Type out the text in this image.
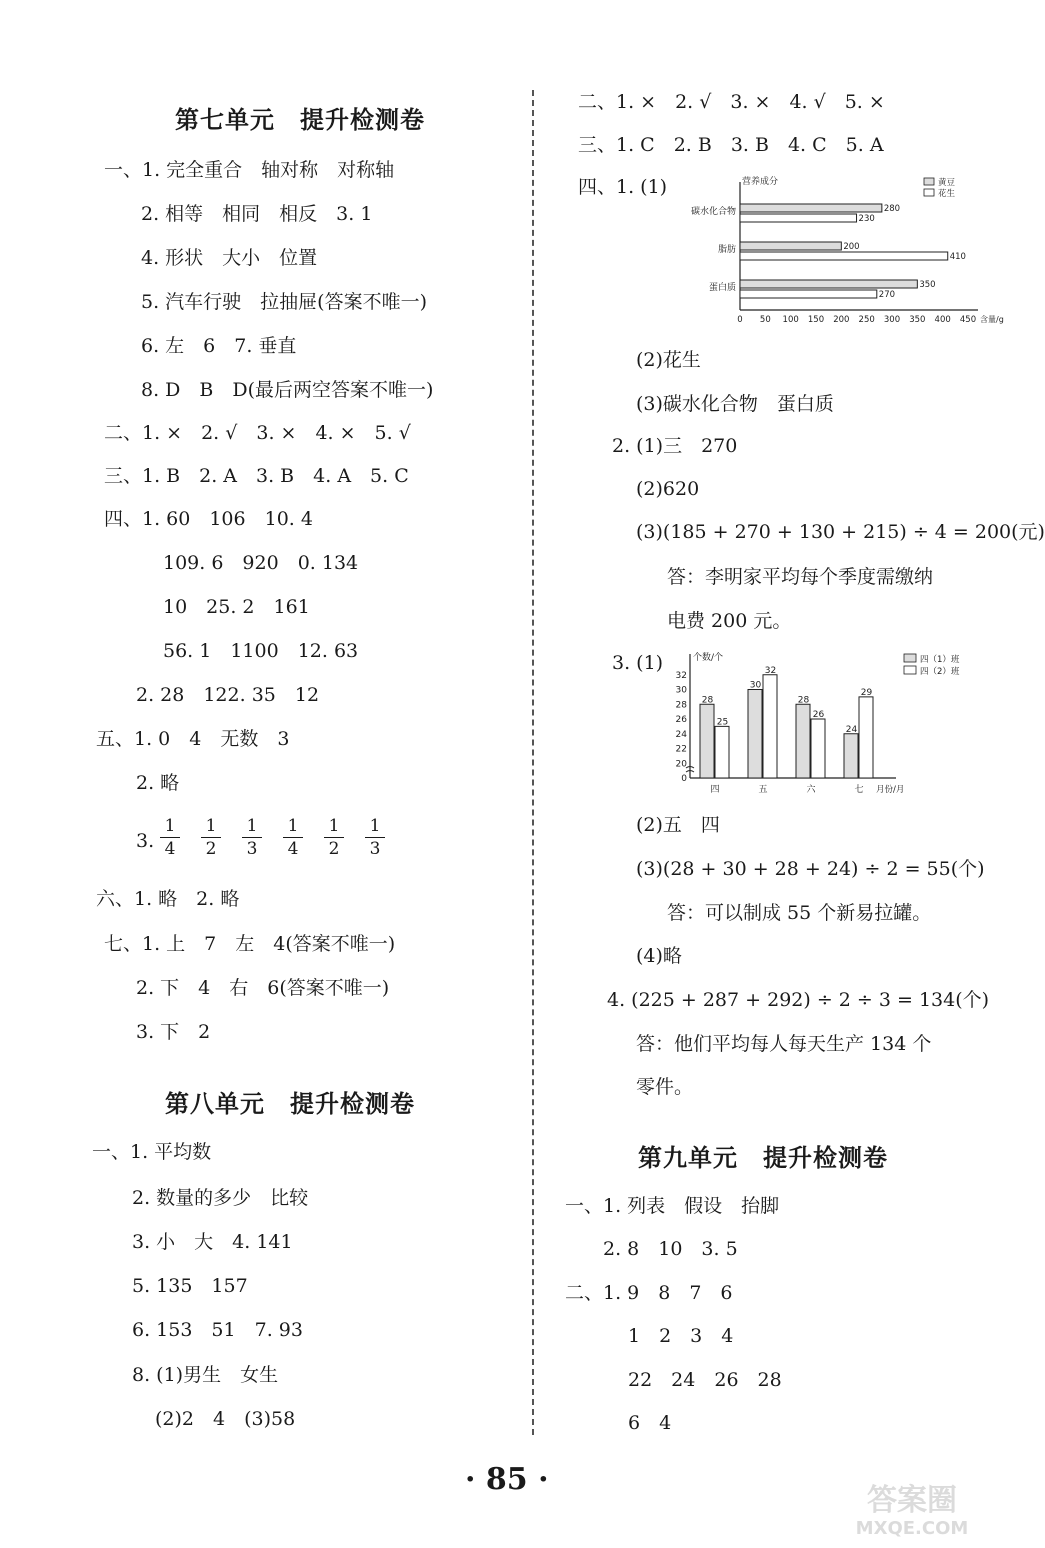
第七单元　提升检测卷
一、1. 完全重合　轴对称　对称轴
2. 相等　相同　相反　3. 1
4. 形状　大小　位置
5. 汽车行驶　拉抽屉(答案不唯一)
6. 左　6　7. 垂直
8. D　B　D(最后两空答案不唯一)
二、1. ×　2. √　3. ×　4. ×　5. √
三、1. B　2. A　3. B　4. A　5. C
四、1. 60　106　10. 4
109. 6　920　0. 134
10　25. 2　161
56. 1　1100　12. 63
2. 28　122. 35　12
五、1. 0　4　无数　3
2. 略
3. $\frac{1}{4} \frac{1}{2} \frac{1}{3} \frac{1}{4} \frac{1}{2} \frac{1}{3}$
六、1. 略　2. 略
七、1. 上　7　左　4(答案不唯一)
2. 下　4　右　6(答案不唯一)
3. 下　2
第八单元　提升检测卷
一、1. 平均数
2. 数量的多少　比较
3. 小　大　4. 141
5. 135　157
6. 153　51　7. 93
8. (1)男生　女生
(2)2　4　(3)58
二、1. ×　2. √　3. ×　4. √　5. ×
三、1. C　2. B　3. B　4. C　5. A
四、1. (1)	营养成分
含量/g
0 50 100 150 200 250 300 350 400 450
碳水化合物	280
230
脂肪	200
410
蛋白质	350
270
黄豆
花生
(2)花生
(3)碳水化合物　蛋白质
2. (1)三　270
(2)620
(3)(185 + 270 + 130 + 215) ÷ 4 = 200(元)
答：李明家平均每个季度需缴纳
电费 200 元。
3. (1)	个数/个
月份/月
0
20
22
24
26
28
30
32
四
28
25
五
30
32
六
28
26
七
24
29
四（1）班
四（2）班
(2)五　四
(3)(28 + 30 + 28 + 24) ÷ 2 = 55(个)
答：可以制成 55 个新易拉罐。
(4)略
4. (225 + 287 + 292) ÷ 2 ÷ 3 = 134(个)
答：他们平均每人每天生产 134 个
零件。
第九单元　提升检测卷
一、1. 列表　假设　抬脚
2. 8　10　3. 5
二、1. 9　8　7　6
1　2　3　4
22　24　26　28
6　4
· 85 ·
答案圈
MXQE.COM
